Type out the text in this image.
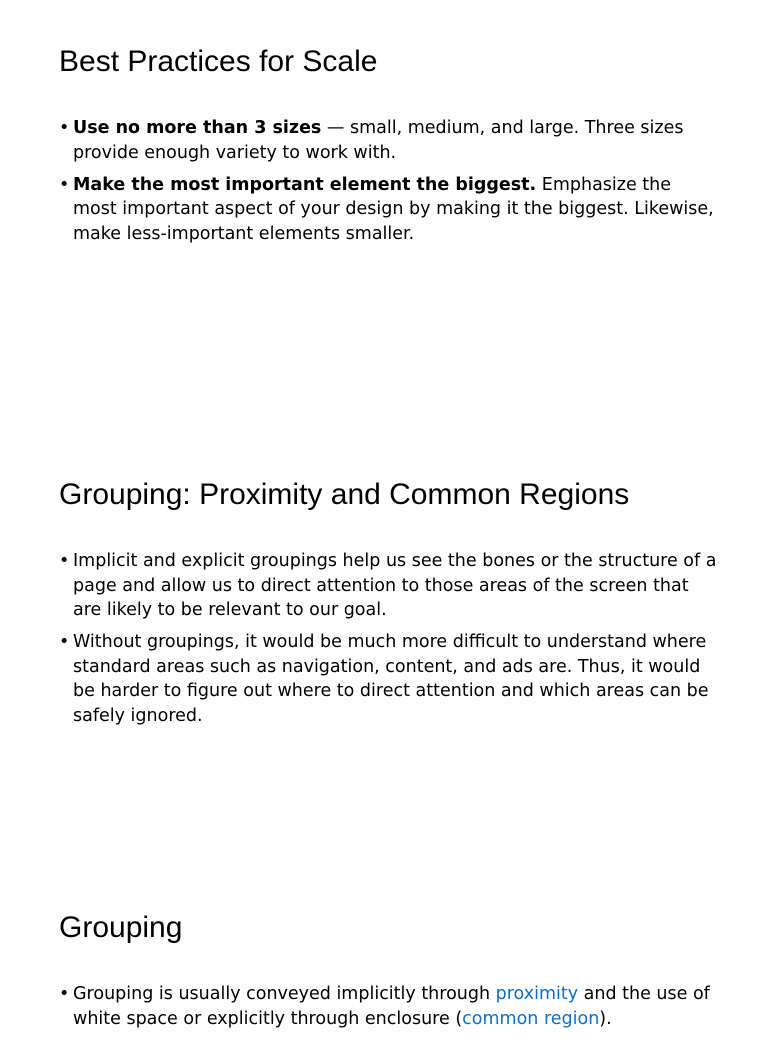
Best Practices for Scale
• Use no more than 3 sizes — small, medium, and large. Three sizes provide enough variety to work with.
• Make the most important element the biggest. Emphasize the most important aspect of your design by making it the biggest. Likewise, make less-important elements smaller.
Grouping: Proximity and Common Regions
• Implicit and explicit groupings help us see the bones or the structure of a page and allow us to direct attention to those areas of the screen that are likely to be relevant to our goal.
• Without groupings, it would be much more difficult to understand where standard areas such as navigation, content, and ads are. Thus, it would be harder to figure out where to direct attention and which areas can be safely ignored.
Grouping
• Grouping is usually conveyed implicitly through proximity and the use of white space or explicitly through enclosure (common region).
